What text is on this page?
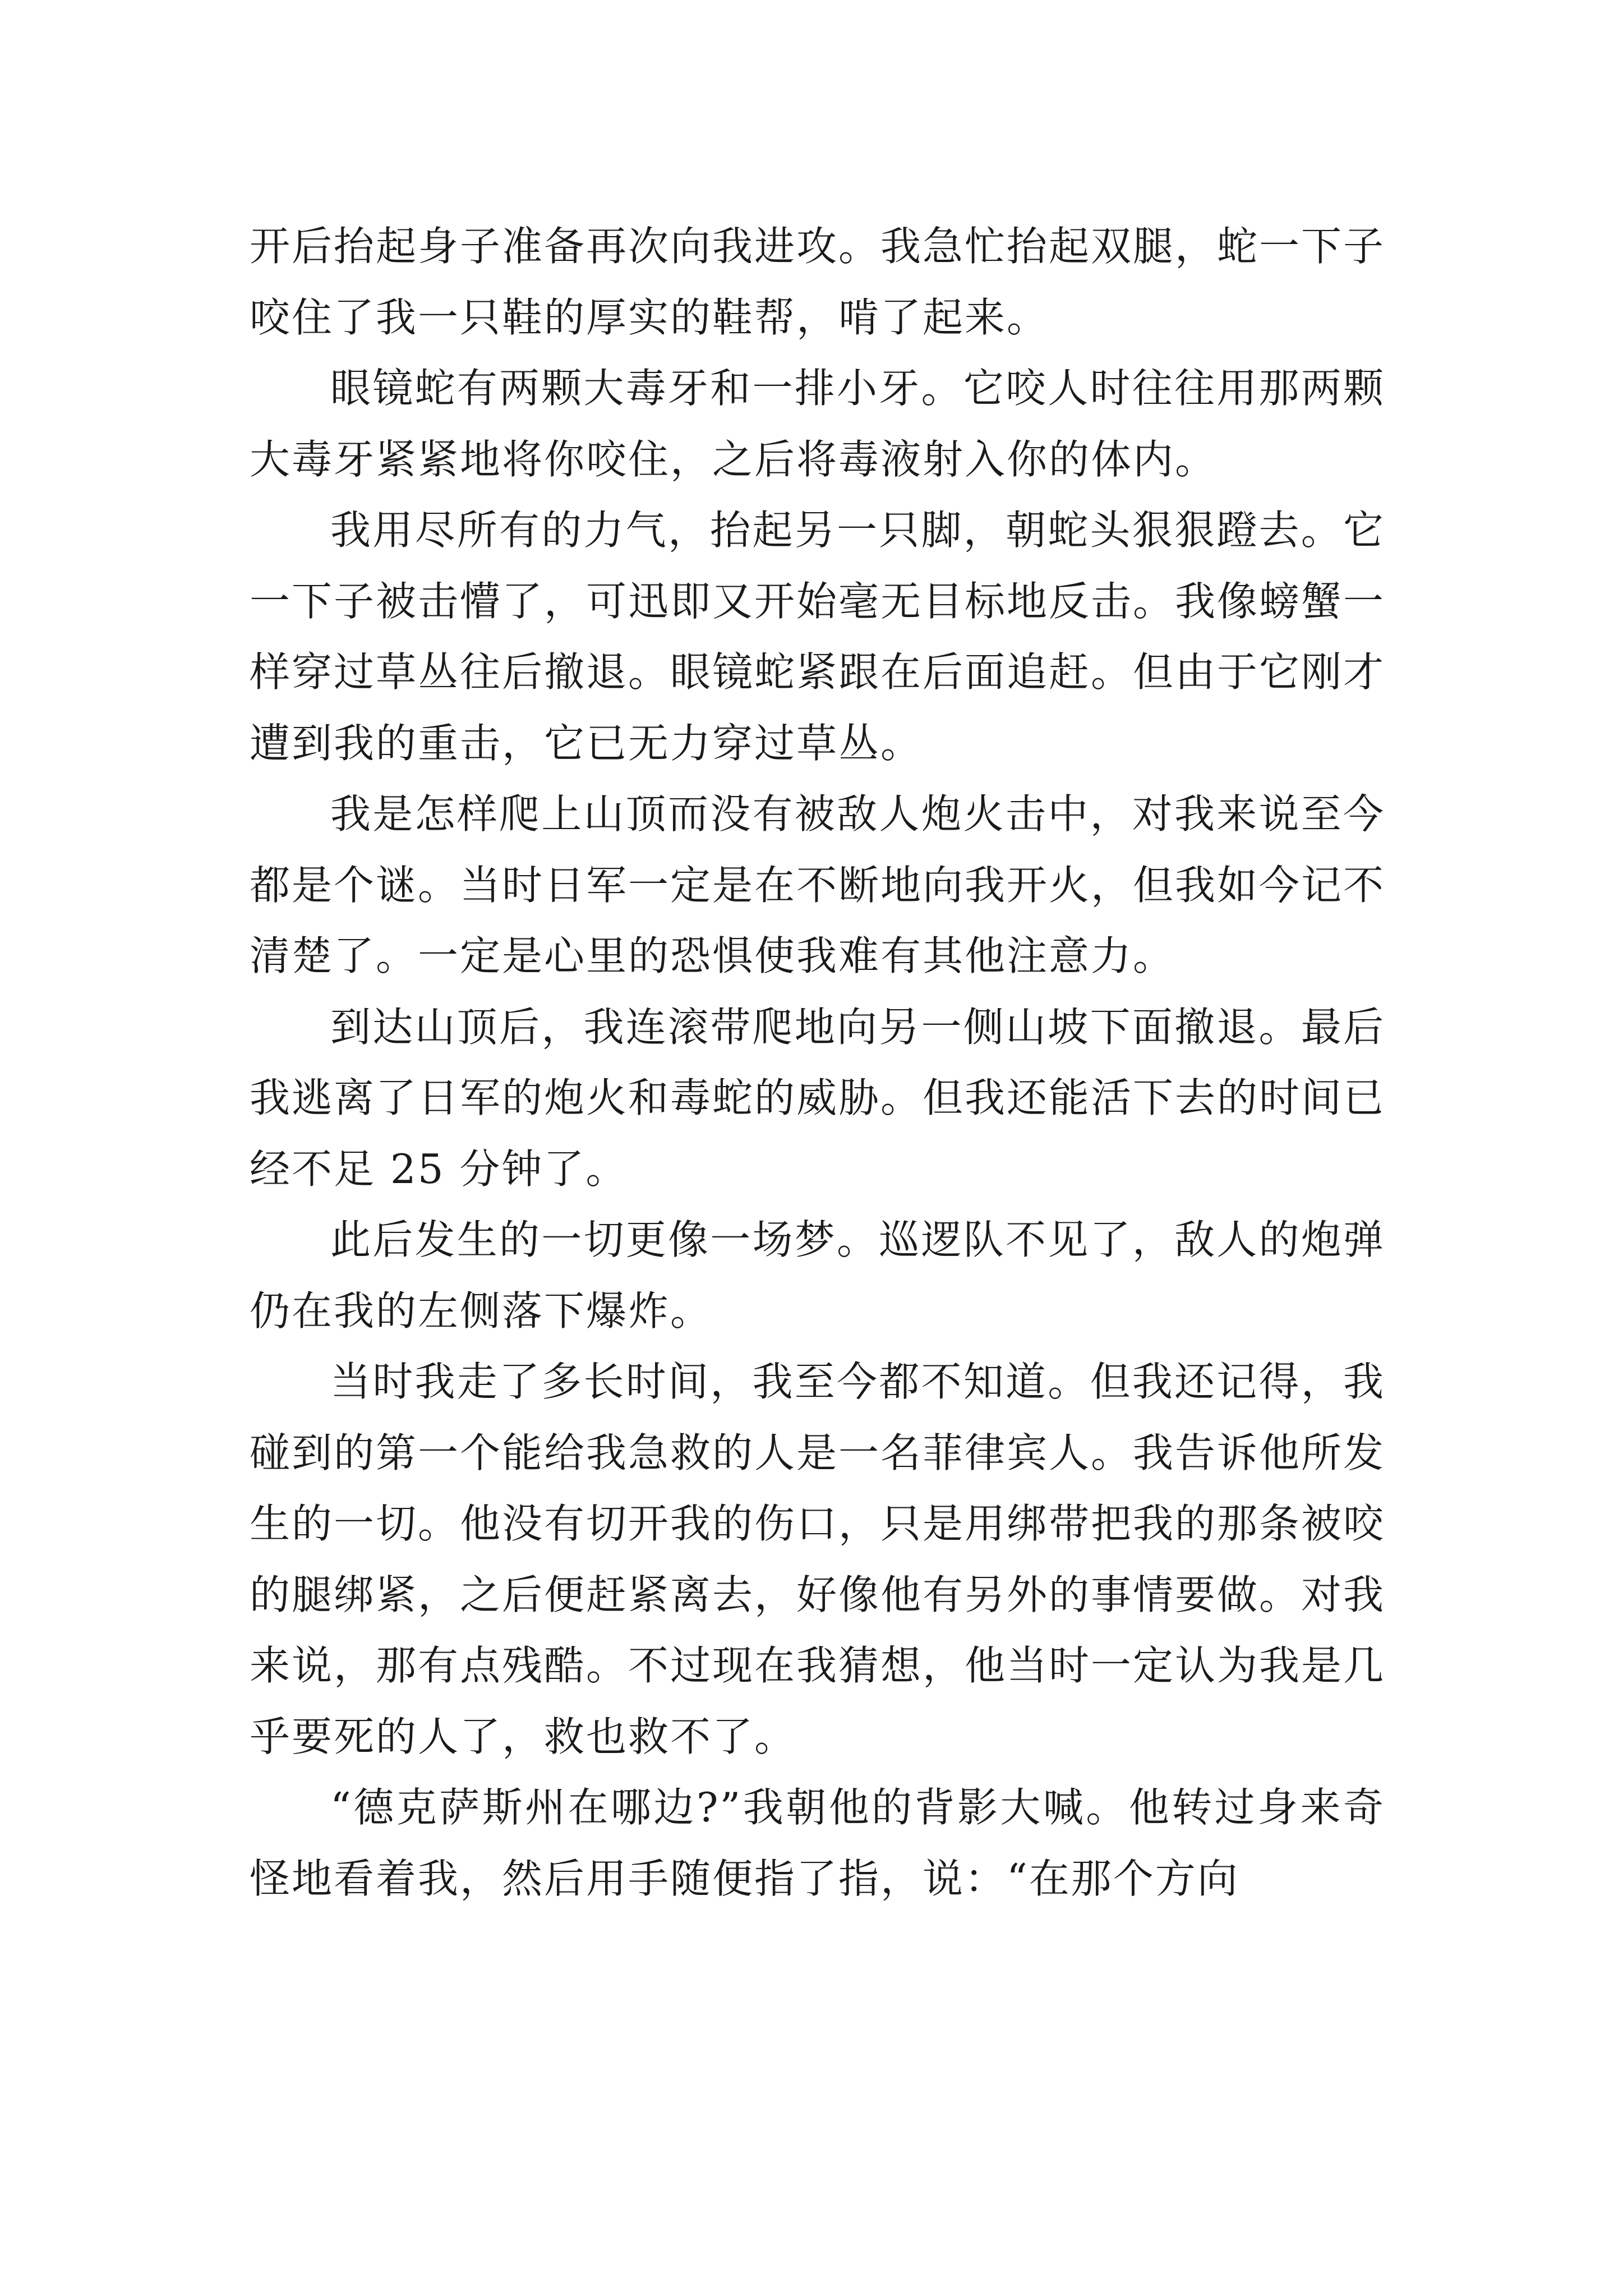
开后抬起身子准备再次向我进攻。我急忙抬起双腿，蛇一下子咬住了我一只鞋的厚实的鞋帮，啃了起来。

眼镜蛇有两颗大毒牙和一排小牙。它咬人时往往用那两颗大毒牙紧紧地将你咬住，之后将毒液射入你的体内。

我用尽所有的力气，抬起另一只脚，朝蛇头狠狠蹬去。它一下子被击懵了，可迅即又开始毫无目标地反击。我像螃蟹一样穿过草丛往后撤退。眼镜蛇紧跟在后面追赶。但由于它刚才遭到我的重击，它已无力穿过草丛。

我是怎样爬上山顶而没有被敌人炮火击中，对我来说至今都是个谜。当时日军一定是在不断地向我开火，但我如今记不清楚了。一定是心里的恐惧使我难有其他注意力。

到达山顶后，我连滚带爬地向另一侧山坡下面撤退。最后我逃离了日军的炮火和毒蛇的威胁。但我还能活下去的时间已经不足 25 分钟了。

此后发生的一切更像一场梦。巡逻队不见了，敌人的炮弹仍在我的左侧落下爆炸。

当时我走了多长时间，我至今都不知道。但我还记得，我碰到的第一个能给我急救的人是一名菲律宾人。我告诉他所发生的一切。他没有切开我的伤口，只是用绑带把我的那条被咬的腿绑紧，之后便赶紧离去，好像他有另外的事情要做。对我来说，那有点残酷。不过现在我猜想，他当时一定认为我是几乎要死的人了，救也救不了。

“德克萨斯州在哪边?”我朝他的背影大喊。他转过身来奇怪地看着我，然后用手随便指了指，说：“在那个方向
